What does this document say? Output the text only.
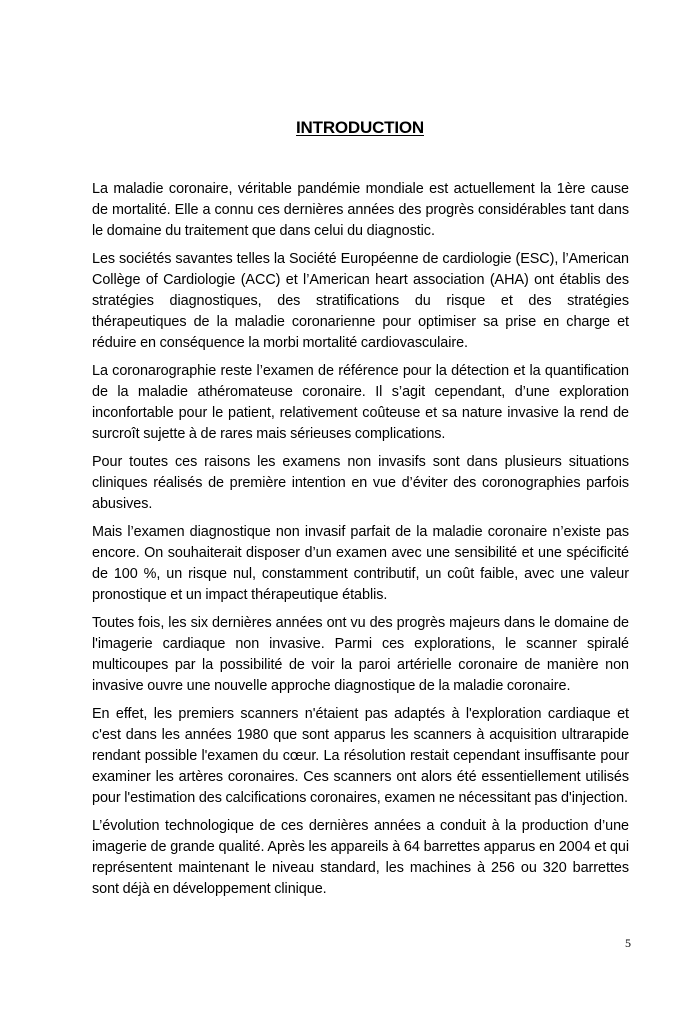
INTRODUCTION

La maladie coronaire, véritable pandémie mondiale est actuellement la 1ère cause de mortalité. Elle a connu ces dernières années des progrès considérables tant dans le domaine du traitement que dans celui du diagnostic.

Les sociétés savantes telles la Société Européenne de cardiologie (ESC), l’American Collège of Cardiologie (ACC) et l’American heart association (AHA) ont établis des stratégies diagnostiques, des stratifications du risque et des stratégies thérapeutiques de la maladie coronarienne pour optimiser sa prise en charge et réduire en conséquence la morbi mortalité cardiovasculaire.

La coronarographie reste l’examen de référence pour la détection et la quantification de la maladie athéromateuse coronaire. Il s’agit cependant, d’une exploration inconfortable pour le patient, relativement coûteuse et sa nature invasive la rend de surcroît sujette à de rares mais sérieuses complications.

Pour toutes ces raisons les examens non invasifs sont dans plusieurs situations cliniques réalisés de première intention en vue d’éviter des coronographies parfois abusives.

Mais l’examen diagnostique non invasif parfait de la maladie coronaire n’existe pas encore. On souhaiterait disposer d’un examen avec une sensibilité et une spécificité de 100 %, un risque nul, constamment contributif, un coût faible, avec une valeur pronostique et un impact thérapeutique établis.

Toutes fois, les six dernières années ont vu des progrès majeurs dans le domaine de l'imagerie cardiaque non invasive. Parmi ces explorations, le scanner spiralé multicoupes par la possibilité de voir la paroi artérielle coronaire de manière non invasive ouvre une nouvelle approche diagnostique de la maladie coronaire.

En effet, les premiers scanners n'étaient pas adaptés à l'exploration cardiaque et c'est dans les années 1980 que sont apparus les scanners à acquisition ultrarapide rendant possible l'examen du cœur. La résolution restait cependant insuffisante pour examiner les artères coronaires. Ces scanners ont alors été essentiellement utilisés pour l'estimation des calcifications coronaires, examen ne nécessitant pas d'injection.

L’évolution technologique de ces dernières années a conduit à la production d’une imagerie de grande qualité. Après les appareils à 64 barrettes apparus en 2004 et qui représentent maintenant le niveau standard, les machines à 256 ou 320 barrettes sont déjà en développement clinique.

5
